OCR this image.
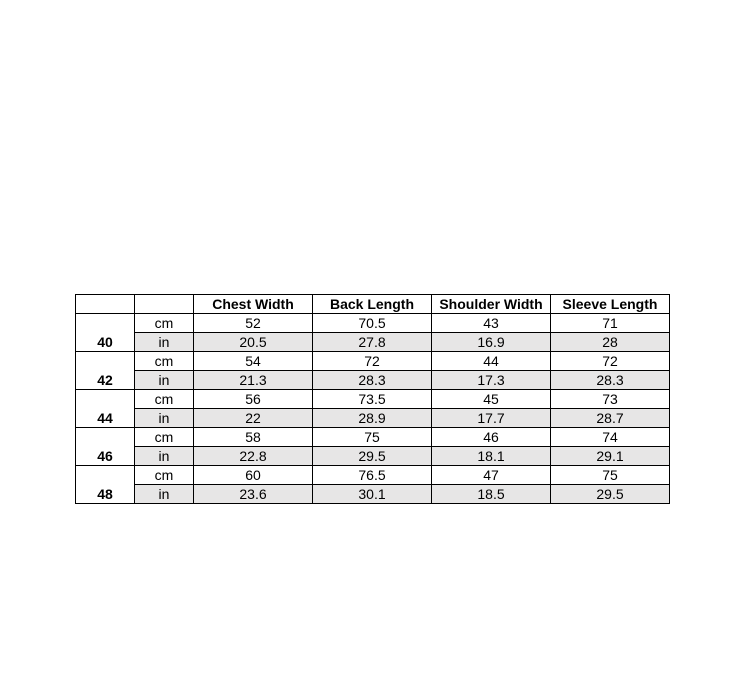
		Chest Width	Back Length	Shoulder Width	Sleeve Length
40	cm	52	70.5	43	71
	in	20.5	27.8	16.9	28
42	cm	54	72	44	72
	in	21.3	28.3	17.3	28.3
44	cm	56	73.5	45	73
	in	22	28.9	17.7	28.7
46	cm	58	75	46	74
	in	22.8	29.5	18.1	29.1
48	cm	60	76.5	47	75
	in	23.6	30.1	18.5	29.5
